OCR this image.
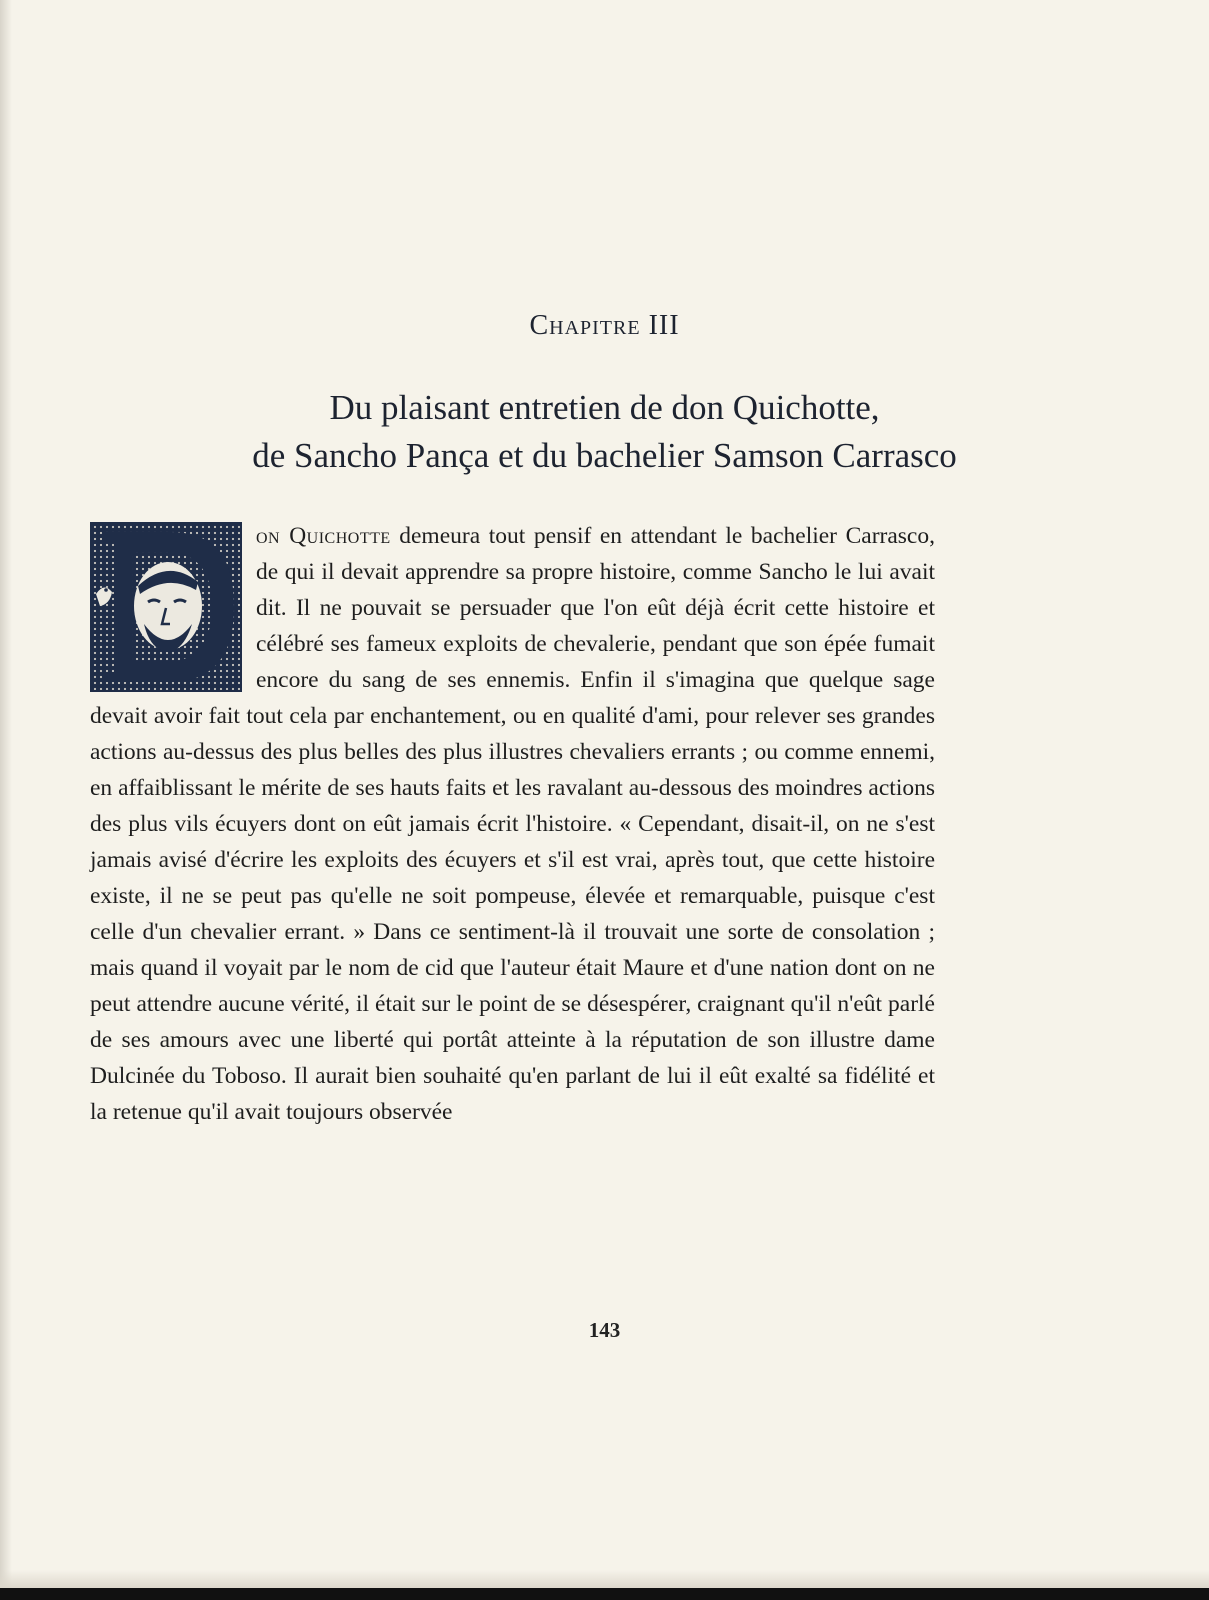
Chapitre III
Du plaisant entretien de don Quichotte,
de Sancho Pança et du bachelier Samson Carrasco
on Quichotte demeura tout pensif en attendant le bachelier Carrasco, de qui il devait apprendre sa propre histoire, comme Sancho le lui avait dit. Il ne pouvait se persuader que l'on eût déjà écrit cette histoire et célébré ses fameux exploits de chevalerie, pendant que son épée fumait encore du sang de ses ennemis. Enfin il s'imagina que quelque sage devait avoir fait tout cela par enchantement, ou en qualité d'ami, pour relever ses grandes actions au-dessus des plus belles des plus illustres chevaliers errants ; ou comme ennemi, en affaiblissant le mérite de ses hauts faits et les ravalant au-dessous des moindres actions des plus vils écuyers dont on eût jamais écrit l'histoire. « Cependant, disait-il, on ne s'est jamais avisé d'écrire les exploits des écuyers et s'il est vrai, après tout, que cette histoire existe, il ne se peut pas qu'elle ne soit pompeuse, élevée et remarquable, puisque c'est celle d'un chevalier errant. » Dans ce sentiment-là il trouvait une sorte de consolation ; mais quand il voyait par le nom de cid que l'auteur était Maure et d'une nation dont on ne peut attendre aucune vérité, il était sur le point de se désespérer, craignant qu'il n'eût parlé de ses amours avec une liberté qui portât atteinte à la réputation de son illustre dame Dulcinée du Toboso. Il aurait bien souhaité qu'en parlant de lui il eût exalté sa fidélité et la retenue qu'il avait toujours observée
143
